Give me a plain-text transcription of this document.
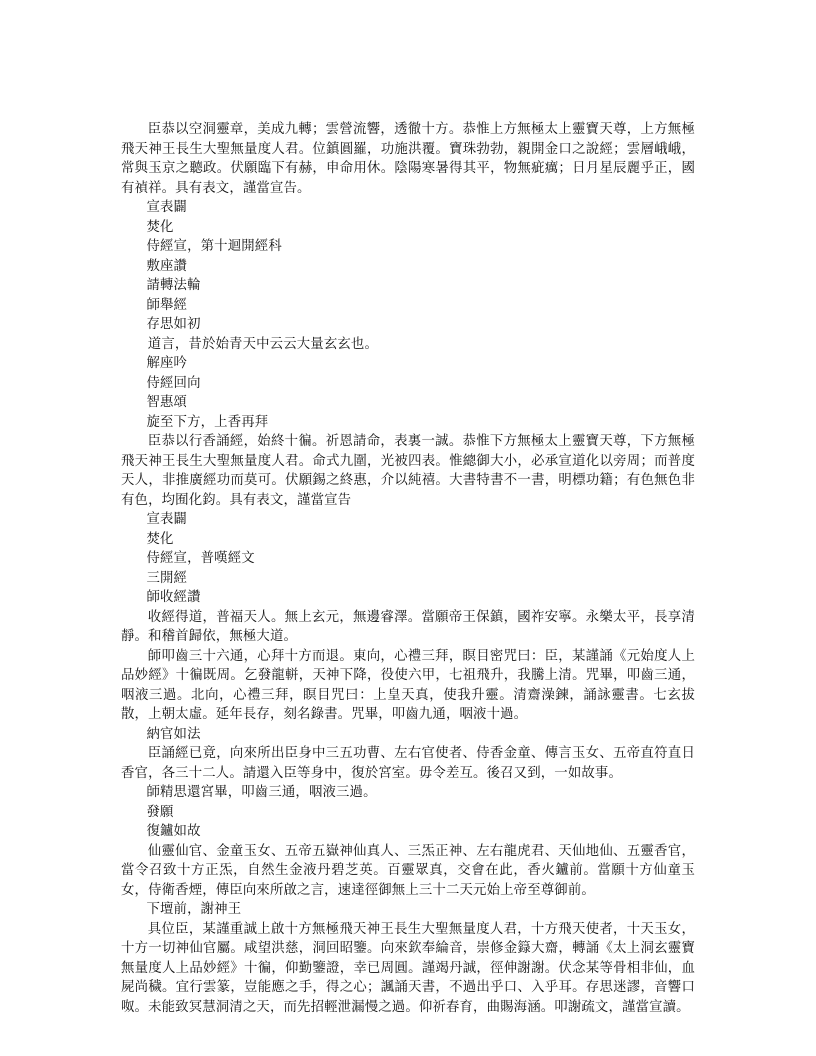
臣恭以空洞靈章，美成九轉；雲營流響，透徹十方。恭惟上方無極太上靈寶天尊，上方無極飛天神王長生大聖無量度人君。位鎮圓羅，功施洪覆。寶珠勃勃，親開金口之說經；雲層峨峨，常與玉京之聽政。伏願臨下有赫，申命用休。陰陽寒暑得其平，物無疵癘；日月星辰麗乎正，國有禎祥。具有表文，謹當宣告。

宣表闢

焚化

侍經宣，第十迴開經科

敷座讚

請轉法輪

師舉經

存思如初

道言，昔於始青天中云云大量玄玄也。

解座吟

侍經回向

智惠頌

旋至下方，上香再拜

臣恭以行香誦經，始終十徧。祈恩請命，表裏一誠。恭惟下方無極太上靈寶天尊，下方無極飛天神王長生大聖無量度人君。命式九圍，光被四表。惟總御大小，必承宣道化以旁周；而普度天人，非推廣經功而莫可。伏願錫之終惠，介以純禧。大書特書不一書，明標功籍；有色無色非有色，均囿化鈞。具有表文，謹當宣告

宣表闢

焚化

侍經宣，普嘆經文

三開經

師收經讚

收經得道，普福天人。無上玄元，無邊睿澤。當願帝王保鎮，國祚安寧。永樂太平，長享清靜。和稽首歸依，無極大道。

師叩齒三十六通，心拜十方而退。東向，心禮三拜，瞑目密咒曰：臣，某謹誦《元始度人上品妙經》十徧既周。乞發龍軿，天神下降，役使六甲，七祖飛升，我騰上清。咒畢，叩齒三通，咽液三過。北向，心禮三拜，瞑目咒曰：上皇天真，使我升靈。清齋澡鍊，誦詠靈書。七玄拔散，上朝太虛。延年長存，刻名錄書。咒畢，叩齒九通，咽液十過。

納官如法

臣誦經已竟，向來所出臣身中三五功曹、左右官使者、侍香金童、傳言玉女、五帝直符直日香官，各三十二人。請還入臣等身中，復於宮室。毋令差互。後召又到，一如故事。

師精思還宮畢，叩齒三通，咽液三過。

發願

復鑪如故

仙靈仙官、金童玉女、五帝五嶽神仙真人、三炁正神、左右龍虎君、天仙地仙、五靈香官，當令召致十方正炁，自然生金液丹碧芝英。百靈眾真，交會在此，香火鑪前。當願十方仙童玉女，侍衛香煙，傳臣向來所啟之言，速達徑御無上三十二天元始上帝至尊御前。

下壇前，謝神王

具位臣，某謹重誠上啟十方無極飛天神王長生大聖無量度人君，十方飛天使者，十天玉女，十方一切神仙官屬。咸望洪慈，洞回昭鑒。向來欽奉綸音，崇修金籙大齋，轉誦《太上洞玄靈寶無量度人上品妙經》十徧，仰勤鑒證，幸已周圓。謹竭丹誠，徑伸謝謝。伏念某等骨相非仙，血屍尚穢。宜行雲篆，豈能應之手，得之心；諷誦天書，不過出乎口、入乎耳。存思迷謬，音響口呶。未能致冥慧洞清之天，而先招輕泄漏慢之過。仰祈春育，曲賜海涵。叩謝疏文，謹當宣讀。
